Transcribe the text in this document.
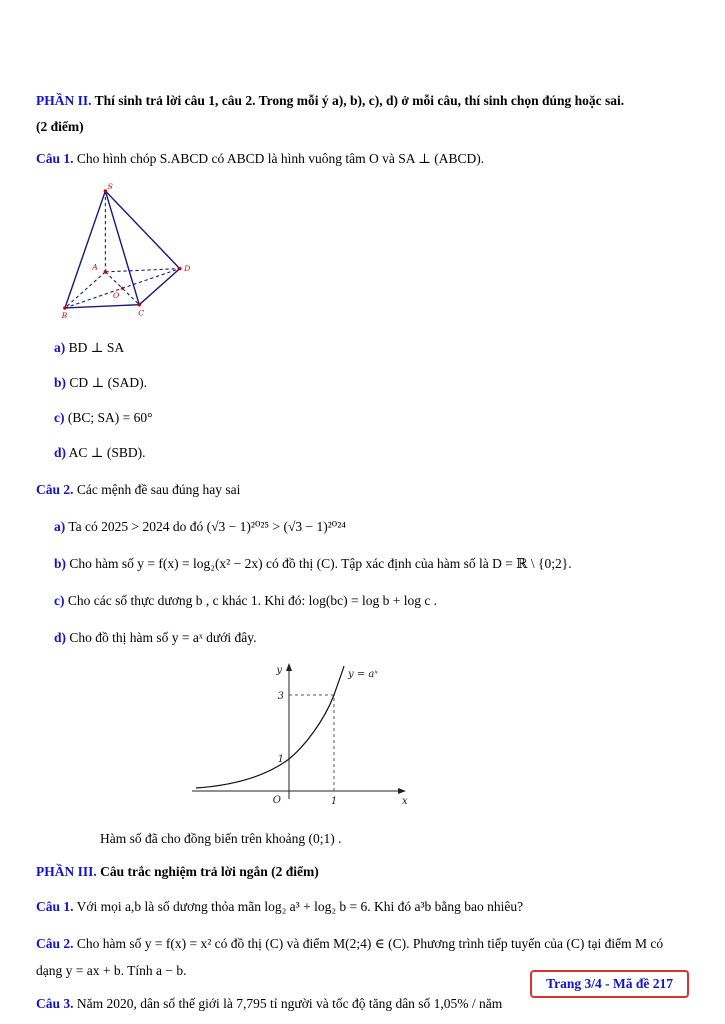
PHẦN II. Thí sinh trả lời câu 1, câu 2. Trong mỗi ý a), b), c), d) ở mỗi câu, thí sinh chọn đúng hoặc sai.

(2 điểm)

Câu 1. Cho hình chóp S.ABCD có ABCD là hình vuông tâm O và SA ⊥ (ABCD).

S
A
B	C
D
O

a) BD ⊥ SA

b) CD ⊥ (SAD).

c) (BC; SA) = 60°

d) AC ⊥ (SBD).

Câu 2. Các mệnh đề sau đúng hay sai

a) Ta có 2025 > 2024 do đó (√3 − 1)²⁰²⁵ > (√3 − 1)²⁰²⁴

b) Cho hàm số y = f(x) = log₂(x² − 2x) có đồ thị (C). Tập xác định của hàm số là D = ℝ \ {0;2}.

c) Cho các số thực dương b , c khác 1. Khi đó: log(bc) = log b + log c .

d) Cho đồ thị hàm số y = aˣ dưới đây.

y
x
O	1
1
3
y = aˣ

Hàm số đã cho đồng biến trên khoảng (0;1) .

PHẦN III. Câu trắc nghiệm trả lời ngắn (2 điểm)

Câu 1. Với mọi a,b là số dương thỏa mãn log₂ a³ + log₂ b = 6. Khi đó a³b bằng bao nhiêu?

Câu 2. Cho hàm số y = f(x) = x² có đồ thị (C) và điểm M(2;4) ∈ (C). Phương trình tiếp tuyến của (C) tại điểm M có dạng y = ax + b. Tính a − b.

Câu 3. Năm 2020, dân số thế giới là 7,795 tỉ người và tốc độ tăng dân số 1,05% / năm

Trang 3/4 - Mã đề 217
